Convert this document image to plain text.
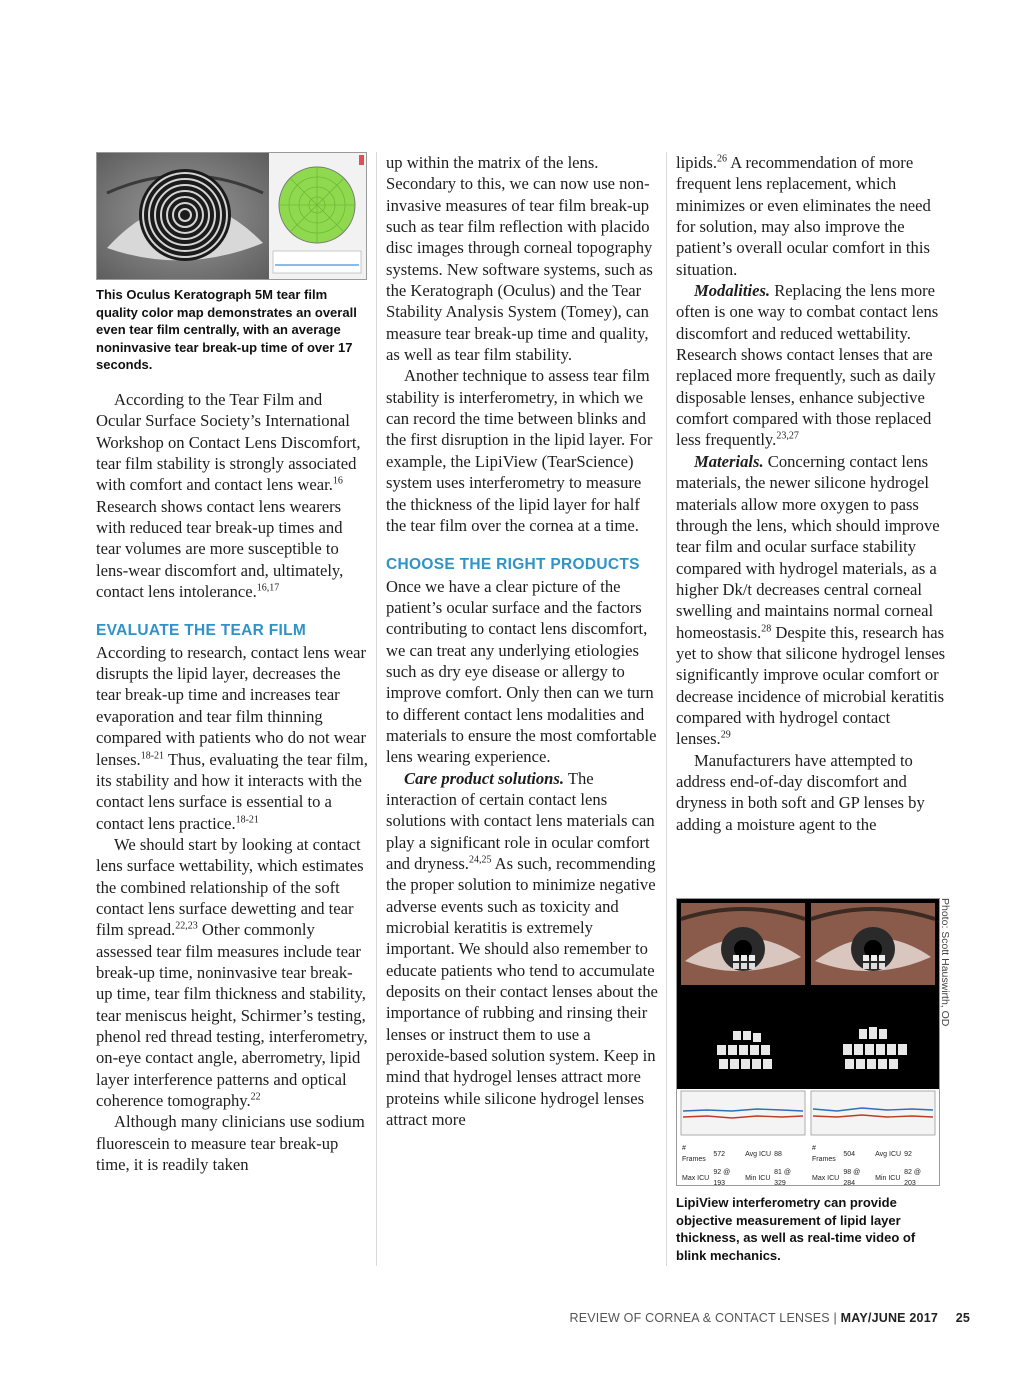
This Oculus Keratograph 5M tear film quality color map demonstrates an overall even tear film centrally, with an average noninvasive tear break-up time of over 17 seconds.

According to the Tear Film and Ocular Surface Society’s International Workshop on Contact Lens Discomfort, tear film stability is strongly associated with comfort and contact lens wear.$^{16}$ Research shows contact lens wearers with reduced tear break-up times and tear volumes are more susceptible to lens-wear discomfort and, ultimately, contact lens intolerance.$^{16,17}$

EVALUATE THE TEAR FILM

According to research, contact lens wear disrupts the lipid layer, decreases the tear break-up time and increases tear evaporation and tear film thinning compared with patients who do not wear lenses.$^{18-21}$ Thus, evaluating the tear film, its stability and how it interacts with the contact lens surface is essential to a contact lens practice.$^{18-21}$

We should start by looking at contact lens surface wettability, which estimates the combined relationship of the soft contact lens surface dewetting and tear film spread.$^{22,23}$ Other commonly assessed tear film measures include tear break-up time, noninvasive tear break-up time, tear film thickness and stability, tear meniscus height, Schirmer’s testing, phenol red thread testing, interferometry, on-eye contact angle, aberrometry, lipid layer interference patterns and optical coherence tomography.$^{22}$

Although many clinicians use sodium fluorescein to measure tear break-up time, it is readily taken

up within the matrix of the lens. Secondary to this, we can now use non-invasive measures of tear film break-up such as tear film reflection with placido disc images through corneal topography systems. New software systems, such as the Keratograph (Oculus) and the Tear Stability Analysis System (Tomey), can measure tear break-up time and quality, as well as tear film stability.

Another technique to assess tear film stability is interferometry, in which we can record the time between blinks and the first disruption in the lipid layer. For example, the LipiView (TearScience) system uses interferometry to measure the thickness of the lipid layer for half the tear film over the cornea at a time.

CHOOSE THE RIGHT PRODUCTS

Once we have a clear picture of the patient’s ocular surface and the factors contributing to contact lens discomfort, we can treat any underlying etiologies such as dry eye disease or allergy to improve comfort. Only then can we turn to different contact lens modalities and materials to ensure the most comfortable lens wearing experience.

Care product solutions. The interaction of certain contact lens solutions with contact lens materials can play a significant role in ocular comfort and dryness.$^{24,25}$ As such, recommending the proper solution to minimize negative adverse events such as toxicity and microbial keratitis is extremely important. We should also remember to educate patients who tend to accumulate deposits on their contact lenses about the importance of rubbing and rinsing their lenses or instruct them to use a peroxide-based solution system. Keep in mind that hydrogel lenses attract more proteins while silicone hydrogel lenses attract more

lipids.$^{26}$ A recommendation of more frequent lens replacement, which minimizes or even eliminates the need for solution, may also improve the patient’s overall ocular comfort in this situation.

Modalities. Replacing the lens more often is one way to combat contact lens discomfort and reduced wettability. Research shows contact lenses that are replaced more frequently, such as daily disposable lenses, enhance subjective comfort compared with those replaced less frequently.$^{23,27}$

Materials. Concerning contact lens materials, the newer silicone hydrogel materials allow more oxygen to pass through the lens, which should improve tear film and ocular surface stability compared with hydrogel materials, as a higher Dk/t decreases central corneal swelling and maintains normal corneal homeostasis.$^{28}$ Despite this, research has yet to show that silicone hydrogel lenses significantly improve ocular comfort or decrease incidence of microbial keratitis compared with hydrogel contact lenses.$^{29}$

Manufacturers have attempted to address end-of-day discomfort and dryness in both soft and GP lenses by adding a moisture agent to the

# Frames	572	Avg ICU	88
Max ICU	92 @ 193	Min ICU	81 @ 329

# Frames	504	Avg ICU	92
Max ICU	98 @ 284	Min ICU	82 @ 203

Photo: Scott Hauswirth, OD
LipiView interferometry can provide objective measurement of lipid layer thickness, as well as real-time video of blink mechanics.
REVIEW OF CORNEA & CONTACT LENSES | MAY/JUNE 2017 25
